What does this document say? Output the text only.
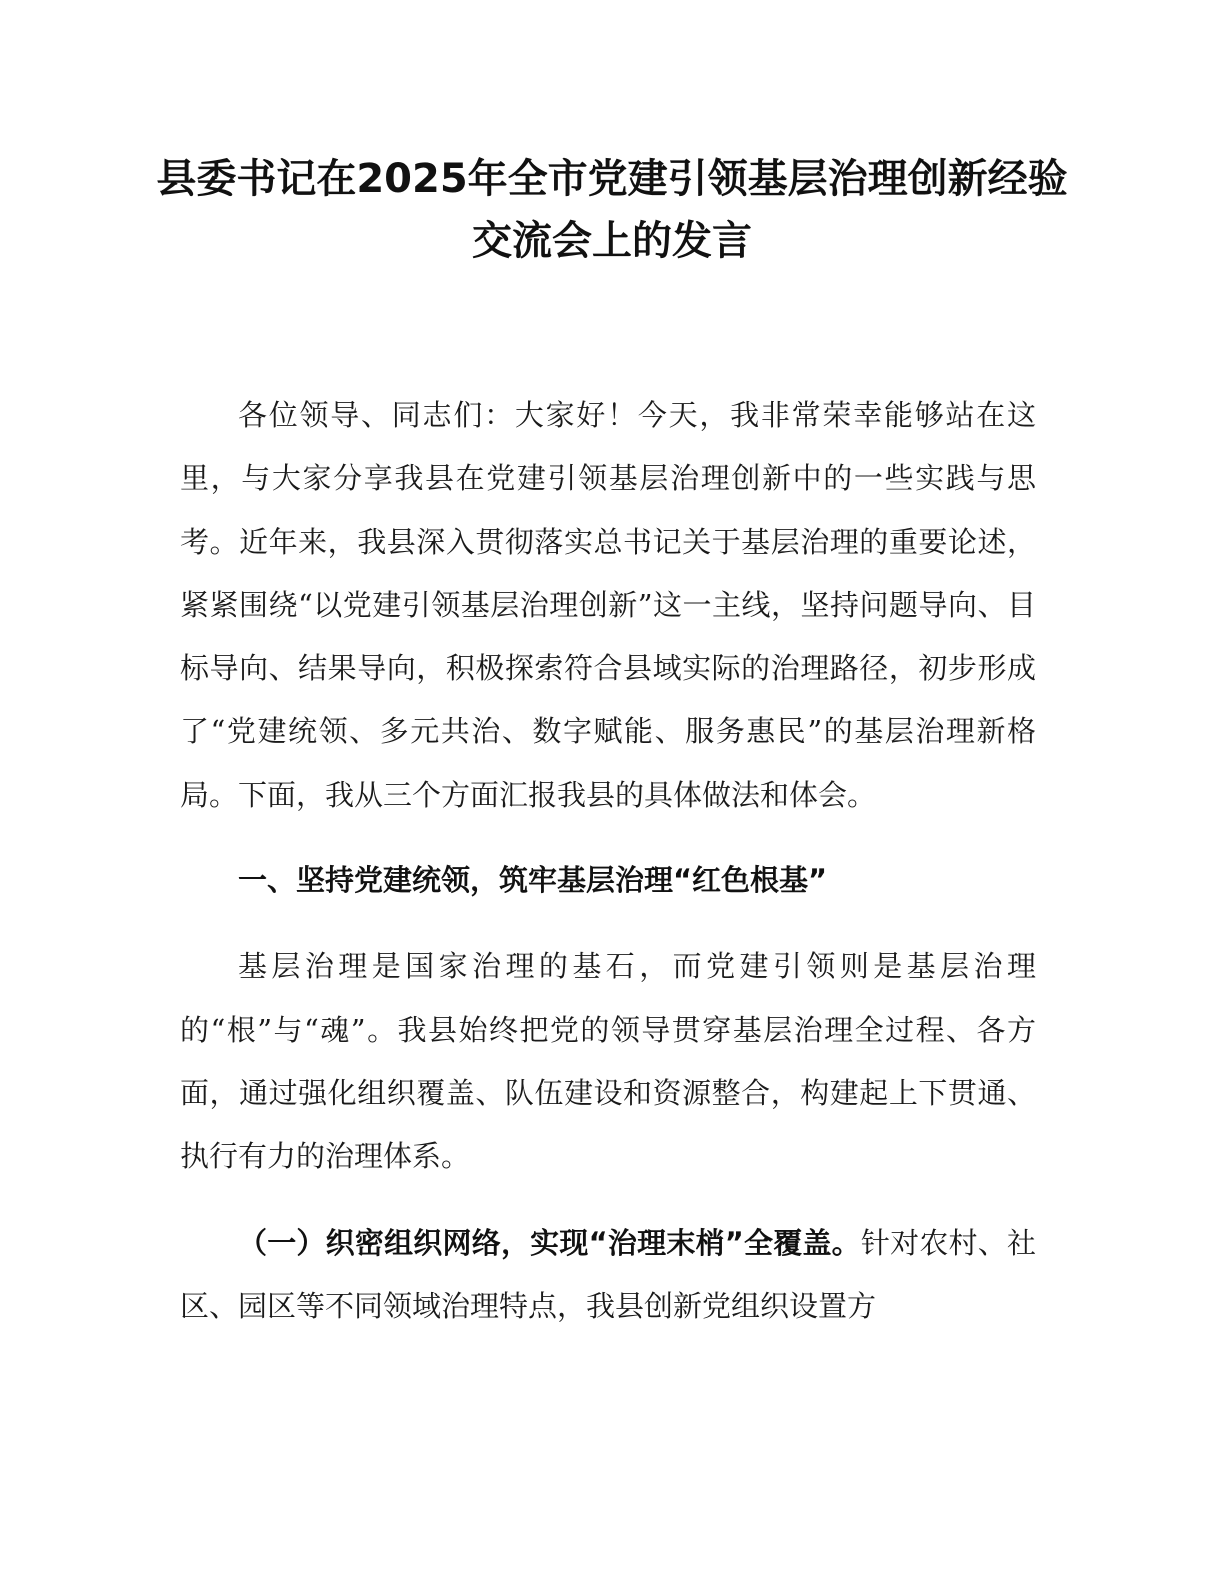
县委书记在2025年全市党建引领基层治理创新经验交流会上的发言

各位领导、同志们：大家好！今天，我非常荣幸能够站在这里，与大家分享我县在党建引领基层治理创新中的一些实践与思考。近年来，我县深入贯彻落实总书记关于基层治理的重要论述，紧紧围绕“以党建引领基层治理创新”这一主线，坚持问题导向、目标导向、结果导向，积极探索符合县域实际的治理路径，初步形成了“党建统领、多元共治、数字赋能、服务惠民”的基层治理新格局。下面，我从三个方面汇报我县的具体做法和体会。

一、坚持党建统领，筑牢基层治理“红色根基”

基层治理是国家治理的基石，而党建引领则是基层治理的“根”与“魂”。我县始终把党的领导贯穿基层治理全过程、各方面，通过强化组织覆盖、队伍建设和资源整合，构建起上下贯通、执行有力的治理体系。

（一）织密组织网络，实现“治理末梢”全覆盖。针对农村、社区、园区等不同领域治理特点，我县创新党组织设置方
